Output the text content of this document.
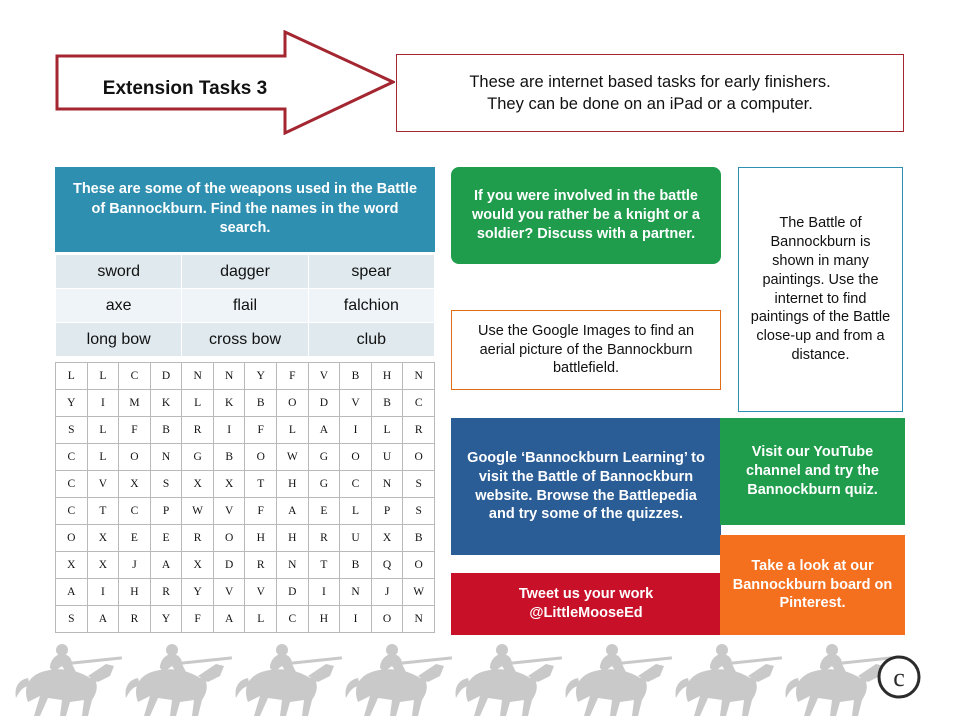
Extension Tasks 3	These are internet based tasks for early finishers.
They can be done on an iPad or a computer.
These are some of the weapons used in the Battle of Bannockburn. Find the names in the word search.
sword	dagger	spear
axe	flail	falchion
long bow	cross bow	club
L	L	C	D	N	N	Y	F	V	B	H	N
Y	I	M	K	L	K	B	O	D	V	B	C
S	L	F	B	R	I	F	L	A	I	L	R
C	L	O	N	G	B	O	W	G	O	U	O
C	V	X	S	X	X	T	H	G	C	N	S
C	T	C	P	W	V	F	A	E	L	P	S
O	X	E	E	R	O	H	H	R	U	X	B
X	X	J	A	X	D	R	N	T	B	Q	O
A	I	H	R	Y	V	V	D	I	N	J	W
S	A	R	Y	F	A	L	C	H	I	O	N
If you were involved in the battle would you rather be a knight or a soldier? Discuss with a partner.
Use the Google Images to find an aerial picture of the Bannockburn battlefield.
Google ‘Bannockburn Learning’ to visit the Battle of Bannockburn website. Browse the Battlepedia and try some of the quizzes.
Tweet us your work @LittleMooseEd
The Battle of Bannockburn is shown in many paintings. Use the internet to find paintings of the Battle close-up and from a distance.
Visit our YouTube channel and try the Bannockburn quiz.
Take a look at our Bannockburn board on Pinterest.
c
